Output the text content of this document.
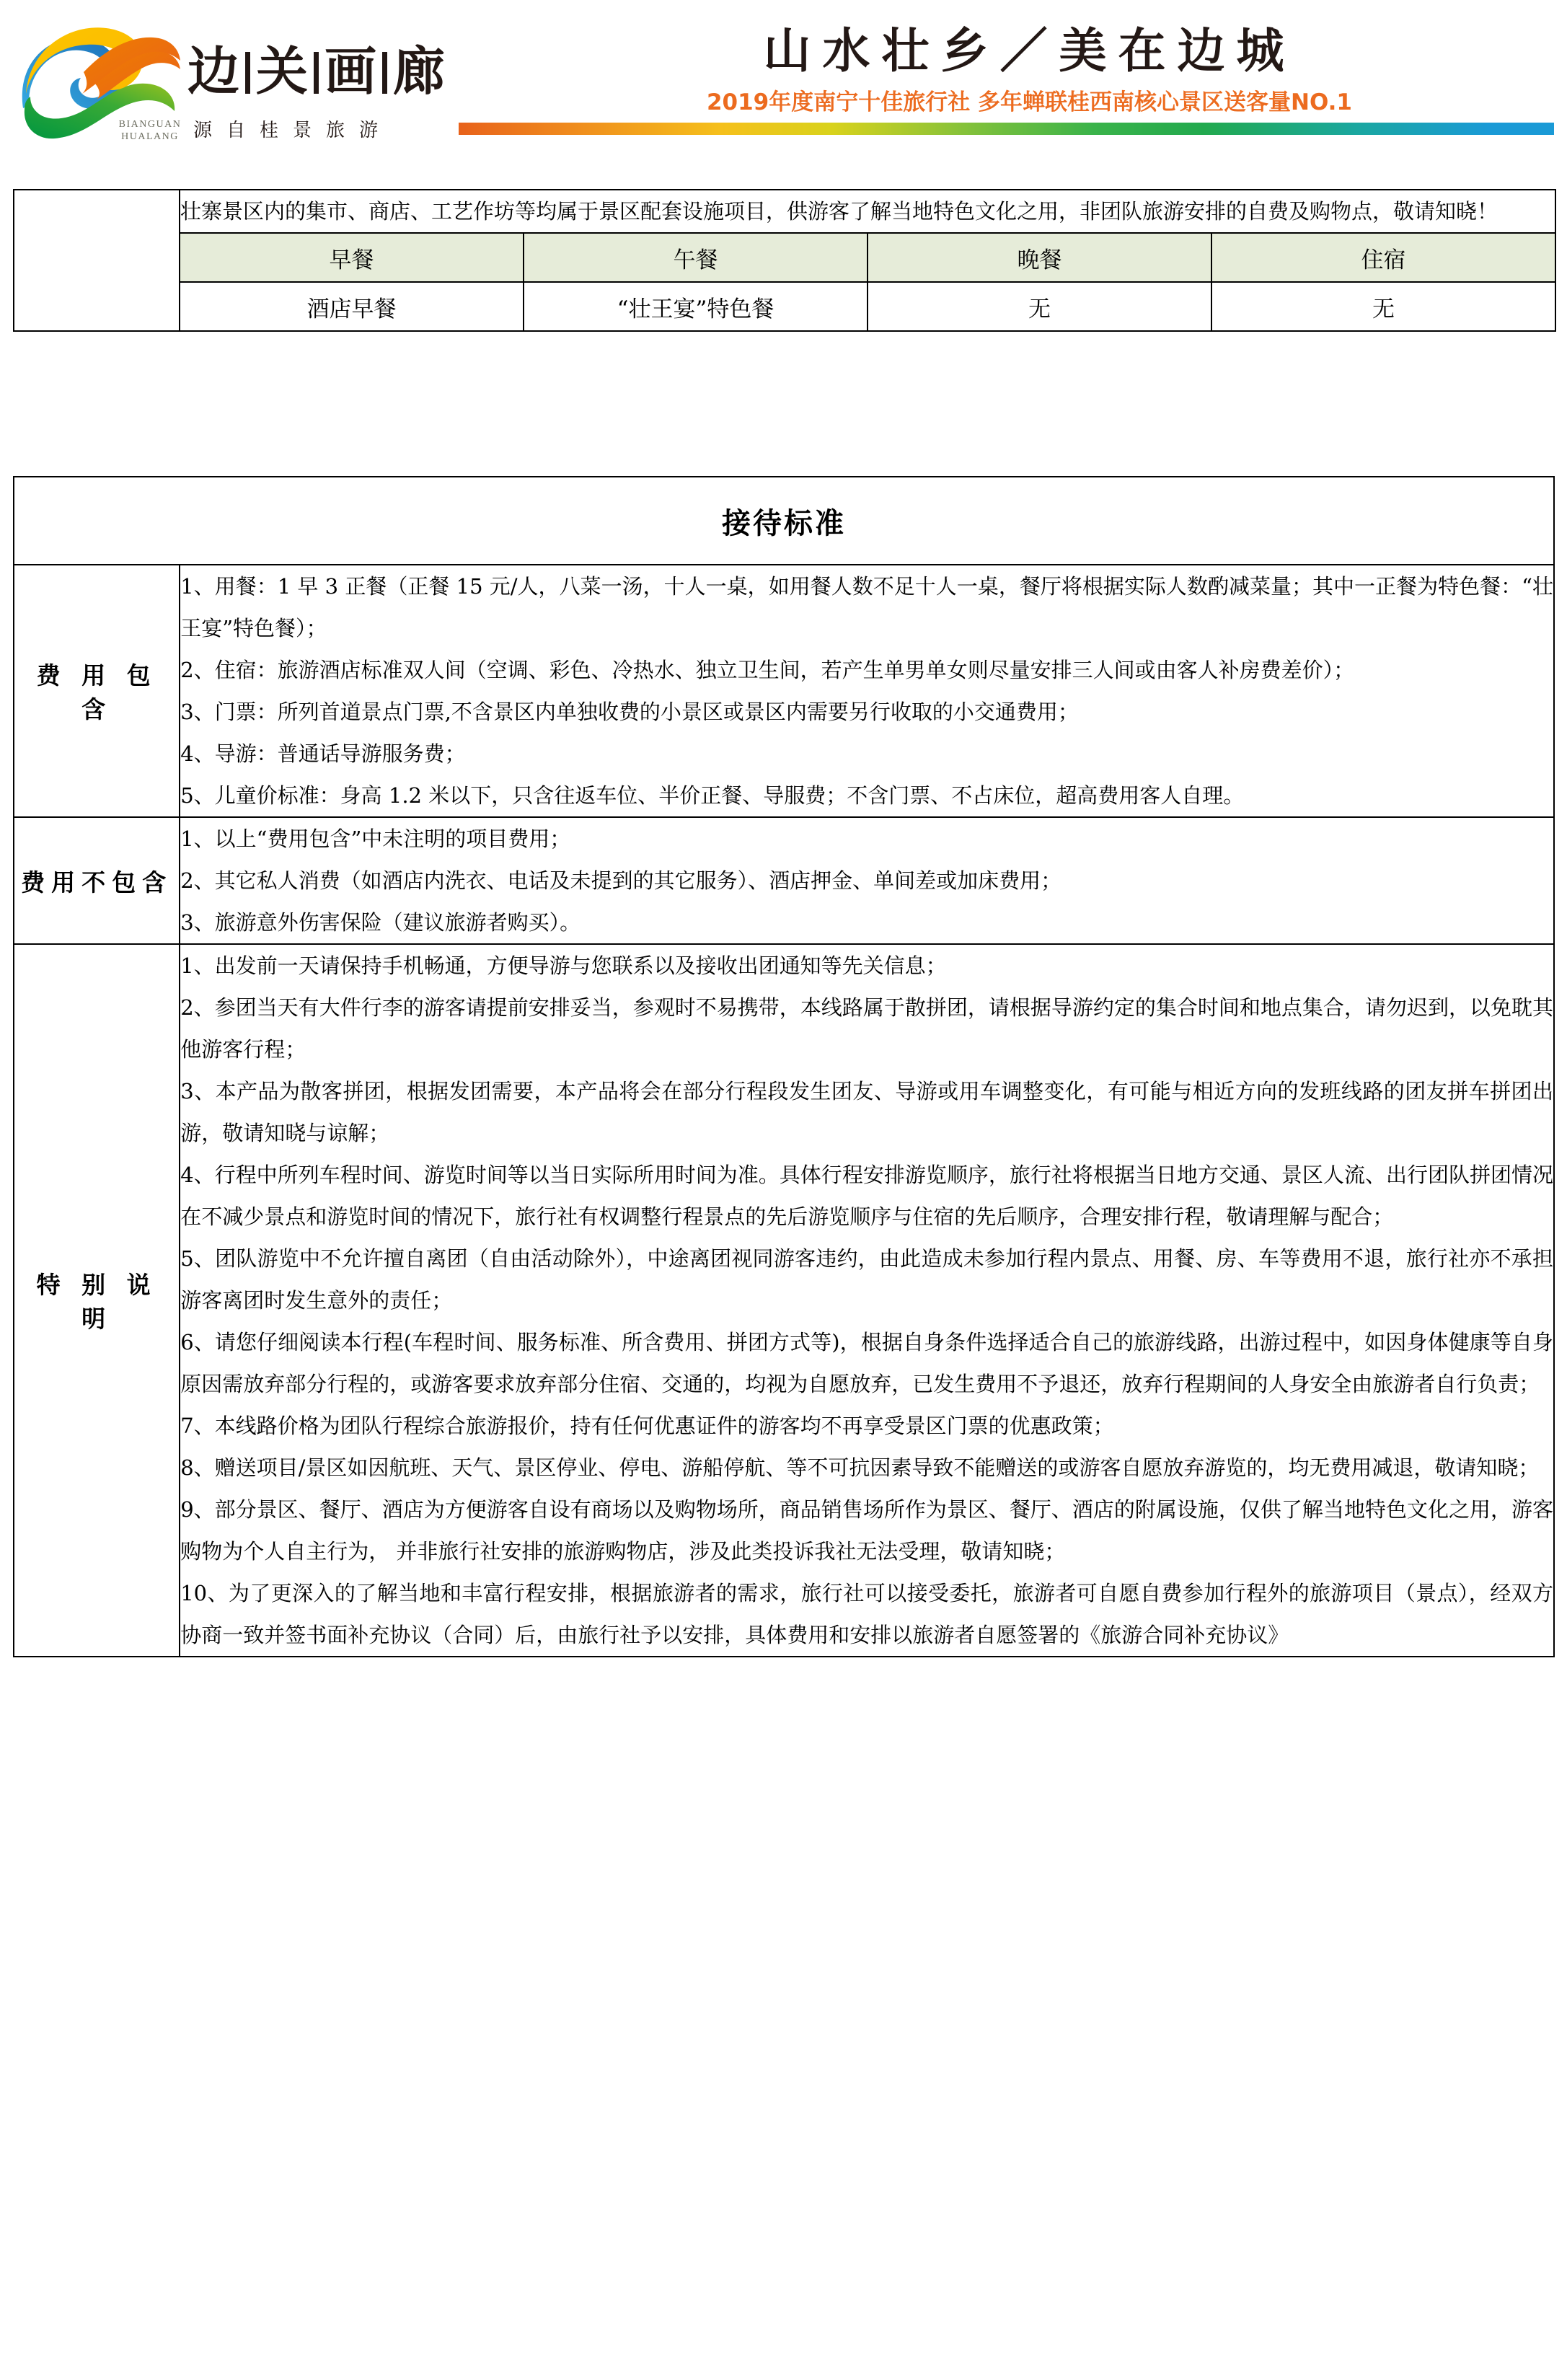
BIANGUAN
HUALANG
边 关 画 廊
源自桂景旅游
山水壮乡／美在边城
2019年度南宁十佳旅行社 多年蝉联桂西南核心景区送客量NO.1
	壮寨景区内的集市、商店、工艺作坊等均属于景区配套设施项目，供游客了解当地特色文化之用，非团队旅游安排的自费及购物点，敬请知晓！			
	早餐	午餐	晚餐	住宿
	酒店早餐	“壮王宴”特色餐	无	无
接待标准	
费 用 包 含	1、用餐：1 早 3 正餐（正餐 15 元/人，八菜一汤，十人一桌，如用餐人数不足十人一桌，餐厅将根据实际人数酌减菜量；其中一正餐为特色餐：“壮王宴”特色餐）；

2、住宿：旅游酒店标准双人间（空调、彩色、冷热水、独立卫生间，若产生单男单女则尽量安排三人间或由客人补房费差价）；

3、门票：所列首道景点门票,不含景区内单独收费的小景区或景区内需要另行收取的小交通费用；

4、导游：普通话导游服务费；

5、儿童价标准：身高 1.2 米以下，只含往返车位、半价正餐、导服费；不含门票、不占床位，超高费用客人自理。

费用不包含	1、以上“费用包含”中未注明的项目费用；

2、其它私人消费（如酒店内洗衣、电话及未提到的其它服务）、酒店押金、单间差或加床费用；

3、旅游意外伤害保险（建议旅游者购买）。

特 别 说 明	

1、出发前一天请保持手机畅通，方便导游与您联系以及接收出团通知等先关信息；

2、参团当天有大件行李的游客请提前安排妥当，参观时不易携带，本线路属于散拼团，请根据导游约定的集合时间和地点集合，请勿迟到，以免耽其他游客行程；

3、本产品为散客拼团，根据发团需要，本产品将会在部分行程段发生团友、导游或用车调整变化，有可能与相近方向的发班线路的团友拼车拼团出游，敬请知晓与谅解；

4、行程中所列车程时间、游览时间等以当日实际所用时间为准。具体行程安排游览顺序，旅行社将根据当日地方交通、景区人流、出行团队拼团情况在不减少景点和游览时间的情况下，旅行社有权调整行程景点的先后游览顺序与住宿的先后顺序，合理安排行程，敬请理解与配合；

5、团队游览中不允许擅自离团（自由活动除外），中途离团视同游客违约，由此造成未参加行程内景点、用餐、房、车等费用不退，旅行社亦不承担游客离团时发生意外的责任；

6、请您仔细阅读本行程(车程时间、服务标准、所含费用、拼团方式等)，根据自身条件选择适合自己的旅游线路，出游过程中，如因身体健康等自身原因需放弃部分行程的，或游客要求放弃部分住宿、交通的，均视为自愿放弃，已发生费用不予退还，放弃行程期间的人身安全由旅游者自行负责；

7、本线路价格为团队行程综合旅游报价，持有任何优惠证件的游客均不再享受景区门票的优惠政策；

8、赠送项目/景区如因航班、天气、景区停业、停电、游船停航、等不可抗因素导致不能赠送的或游客自愿放弃游览的，均无费用减退，敬请知晓；

9、部分景区、餐厅、酒店为方便游客自设有商场以及购物场所，商品销售场所作为景区、餐厅、酒店的附属设施，仅供了解当地特色文化之用，游客购物为个人自主行为， 并非旅行社安排的旅游购物店，涉及此类投诉我社无法受理，敬请知晓；

10、为了更深入的了解当地和丰富行程安排，根据旅游者的需求，旅行社可以接受委托，旅游者可自愿自费参加行程外的旅游项目（景点），经双方协商一致并签书面补充协议（合同）后，由旅行社予以安排，具体费用和安排以旅游者自愿签署的《旅游合同补充协议》
